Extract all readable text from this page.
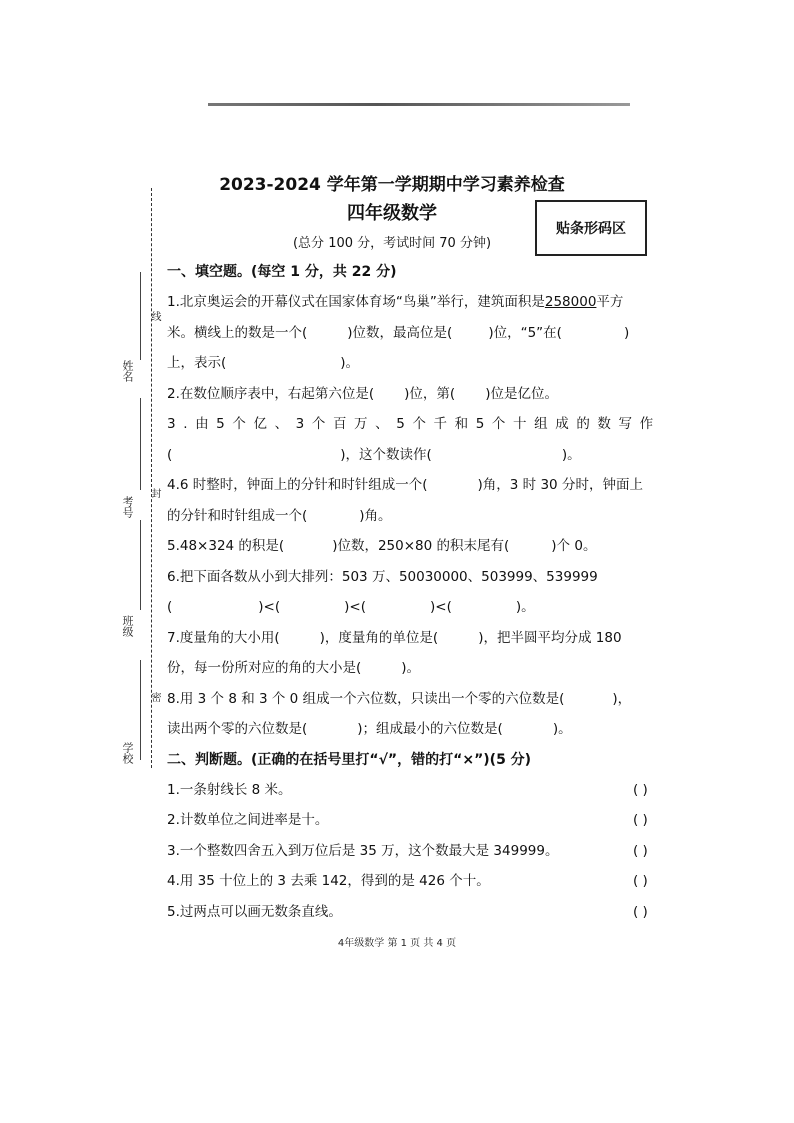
2023-2024 学年第一学期期中学习素养检查
四年级数学
(总分 100 分，考试时间 70 分钟)
贴条形码区
姓名
线
考号
封
班级
密
学校
一、填空题。(每空 1 分，共 22 分)
1.北京奥运会的开幕仪式在国家体育场“鸟巢”举行，建筑面积是258000平方
米。横线上的数是一个(	)位数，最高位是(	)位，“5”在(	)
上，表示(	)。
2.在数位顺序表中，右起第六位是( )位，第( )位是亿位。
3.由5个亿、3个百万、5个千和5个十组成的数写作
(	)，这个数读作(	)。
4.6 时整时，钟面上的分针和时针组成一个(	)角，3 时 30 分时，钟面上
的分针和时针组成一个(	)角。
5.48×324 的积是(	)位数，250×80 的积末尾有(	)个 0。
6.把下面各数从小到大排列：503 万、50030000、503999、539999
(	)<(	)<(	)<(	)。
7.度量角的大小用(	)，度量角的单位是(	)，把半圆平均分成 180
份，每一份所对应的角的大小是(	)。
8.用 3 个 8 和 3 个 0 组成一个六位数，只读出一个零的六位数是(	)，
读出两个零的六位数是(	)；组成最小的六位数是(	)。
二、判断题。(正确的在括号里打“√”，错的打“×”)(5 分)
1.一条射线长 8 米。	( )
2.计数单位之间进率是十。	( )
3.一个整数四舍五入到万位后是 35 万，这个数最大是 349999。	( )
4.用 35 十位上的 3 去乘 142，得到的是 426 个十。	( )
5.过两点可以画无数条直线。	( )
4年级数学 第 1 页 共 4 页
